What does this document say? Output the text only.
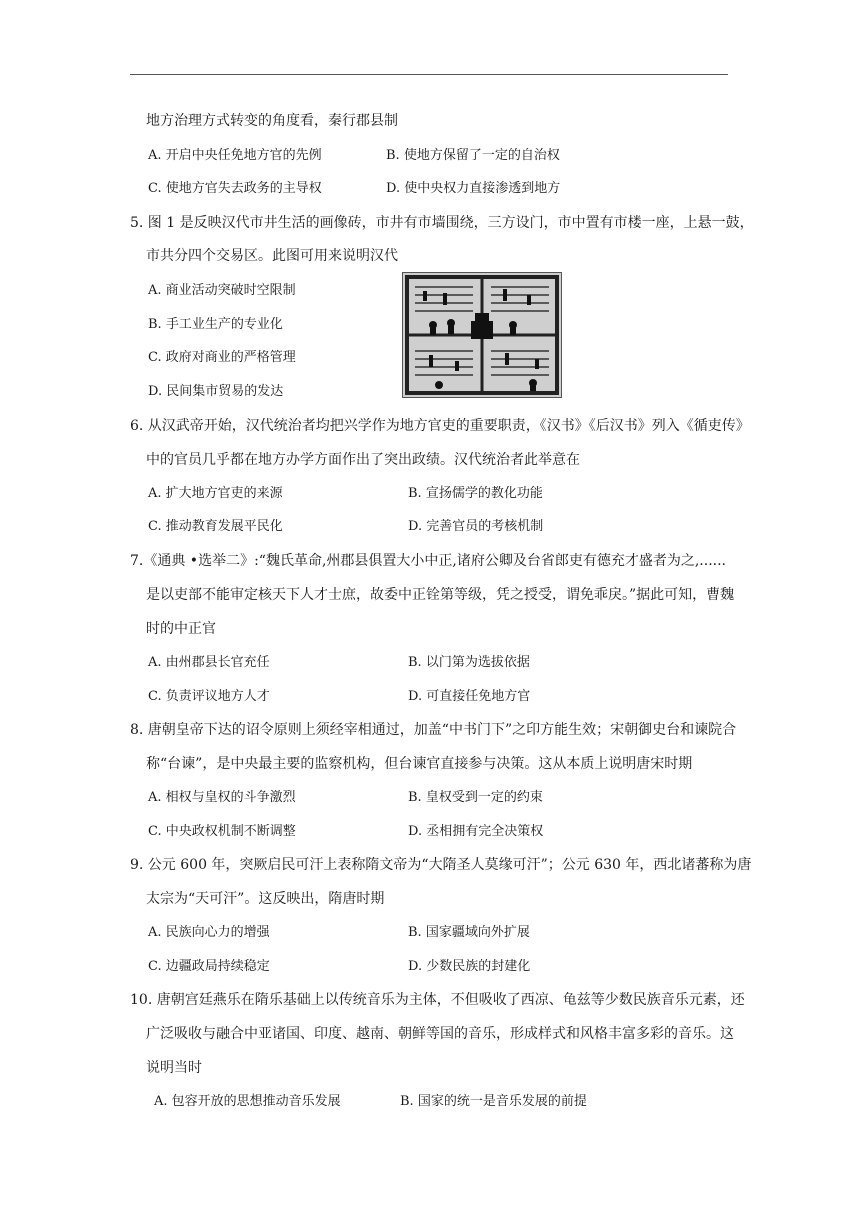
地方治理方式转变的角度看，秦行郡县制
A. 开启中央任免地方官的先例	B. 使地方保留了一定的自治权
C. 使地方官失去政务的主导权	D. 使中央权力直接渗透到地方
5. 图 1 是反映汉代市井生活的画像砖，市井有市墙围绕，三方设门，市中置有市楼一座，上悬一鼓，
市共分四个交易区。此图可用来说明汉代
A. 商业活动突破时空限制
B. 手工业生产的专业化
C. 政府对商业的严格管理
D. 民间集市贸易的发达
6. 从汉武帝开始，汉代统治者均把兴学作为地方官吏的重要职责，《汉书》《后汉书》列入《循吏传》
中的官员几乎都在地方办学方面作出了突出政绩。汉代统治者此举意在
A. 扩大地方官吏的来源	B. 宣扬儒学的教化功能
C. 推动教育发展平民化	D. 完善官员的考核机制
7.《通典 •选举二》:“魏氏革命,州郡县俱置大小中正,诸府公卿及台省郎吏有德充才盛者为之,......
是以吏部不能审定核天下人才士庶，故委中正铨第等级，凭之授受，谓免乖戾。”据此可知，曹魏
时的中正官
A. 由州郡县长官充任	B. 以门第为选拔依据
C. 负责评议地方人才	D. 可直接任免地方官
8. 唐朝皇帝下达的诏令原则上须经宰相通过，加盖“中书门下”之印方能生效；宋朝御史台和谏院合
称“台谏”，是中央最主要的监察机构，但台谏官直接参与决策。这从本质上说明唐宋时期
A. 相权与皇权的斗争激烈	B. 皇权受到一定的约束
C. 中央政权机制不断调整	D. 丞相拥有完全决策权
9. 公元 600 年，突厥启民可汗上表称隋文帝为“大隋圣人莫缘可汗”；公元 630 年，西北诸蕃称为唐
太宗为“天可汗”。这反映出，隋唐时期
A. 民族向心力的增强	B. 国家疆域向外扩展
C. 边疆政局持续稳定	D. 少数民族的封建化
10. 唐朝宫廷燕乐在隋乐基础上以传统音乐为主体，不但吸收了西凉、龟兹等少数民族音乐元素，还
广泛吸收与融合中亚诸国、印度、越南、朝鲜等国的音乐，形成样式和风格丰富多彩的音乐。这
说明当时
A. 包容开放的思想推动音乐发展	B. 国家的统一是音乐发展的前提
